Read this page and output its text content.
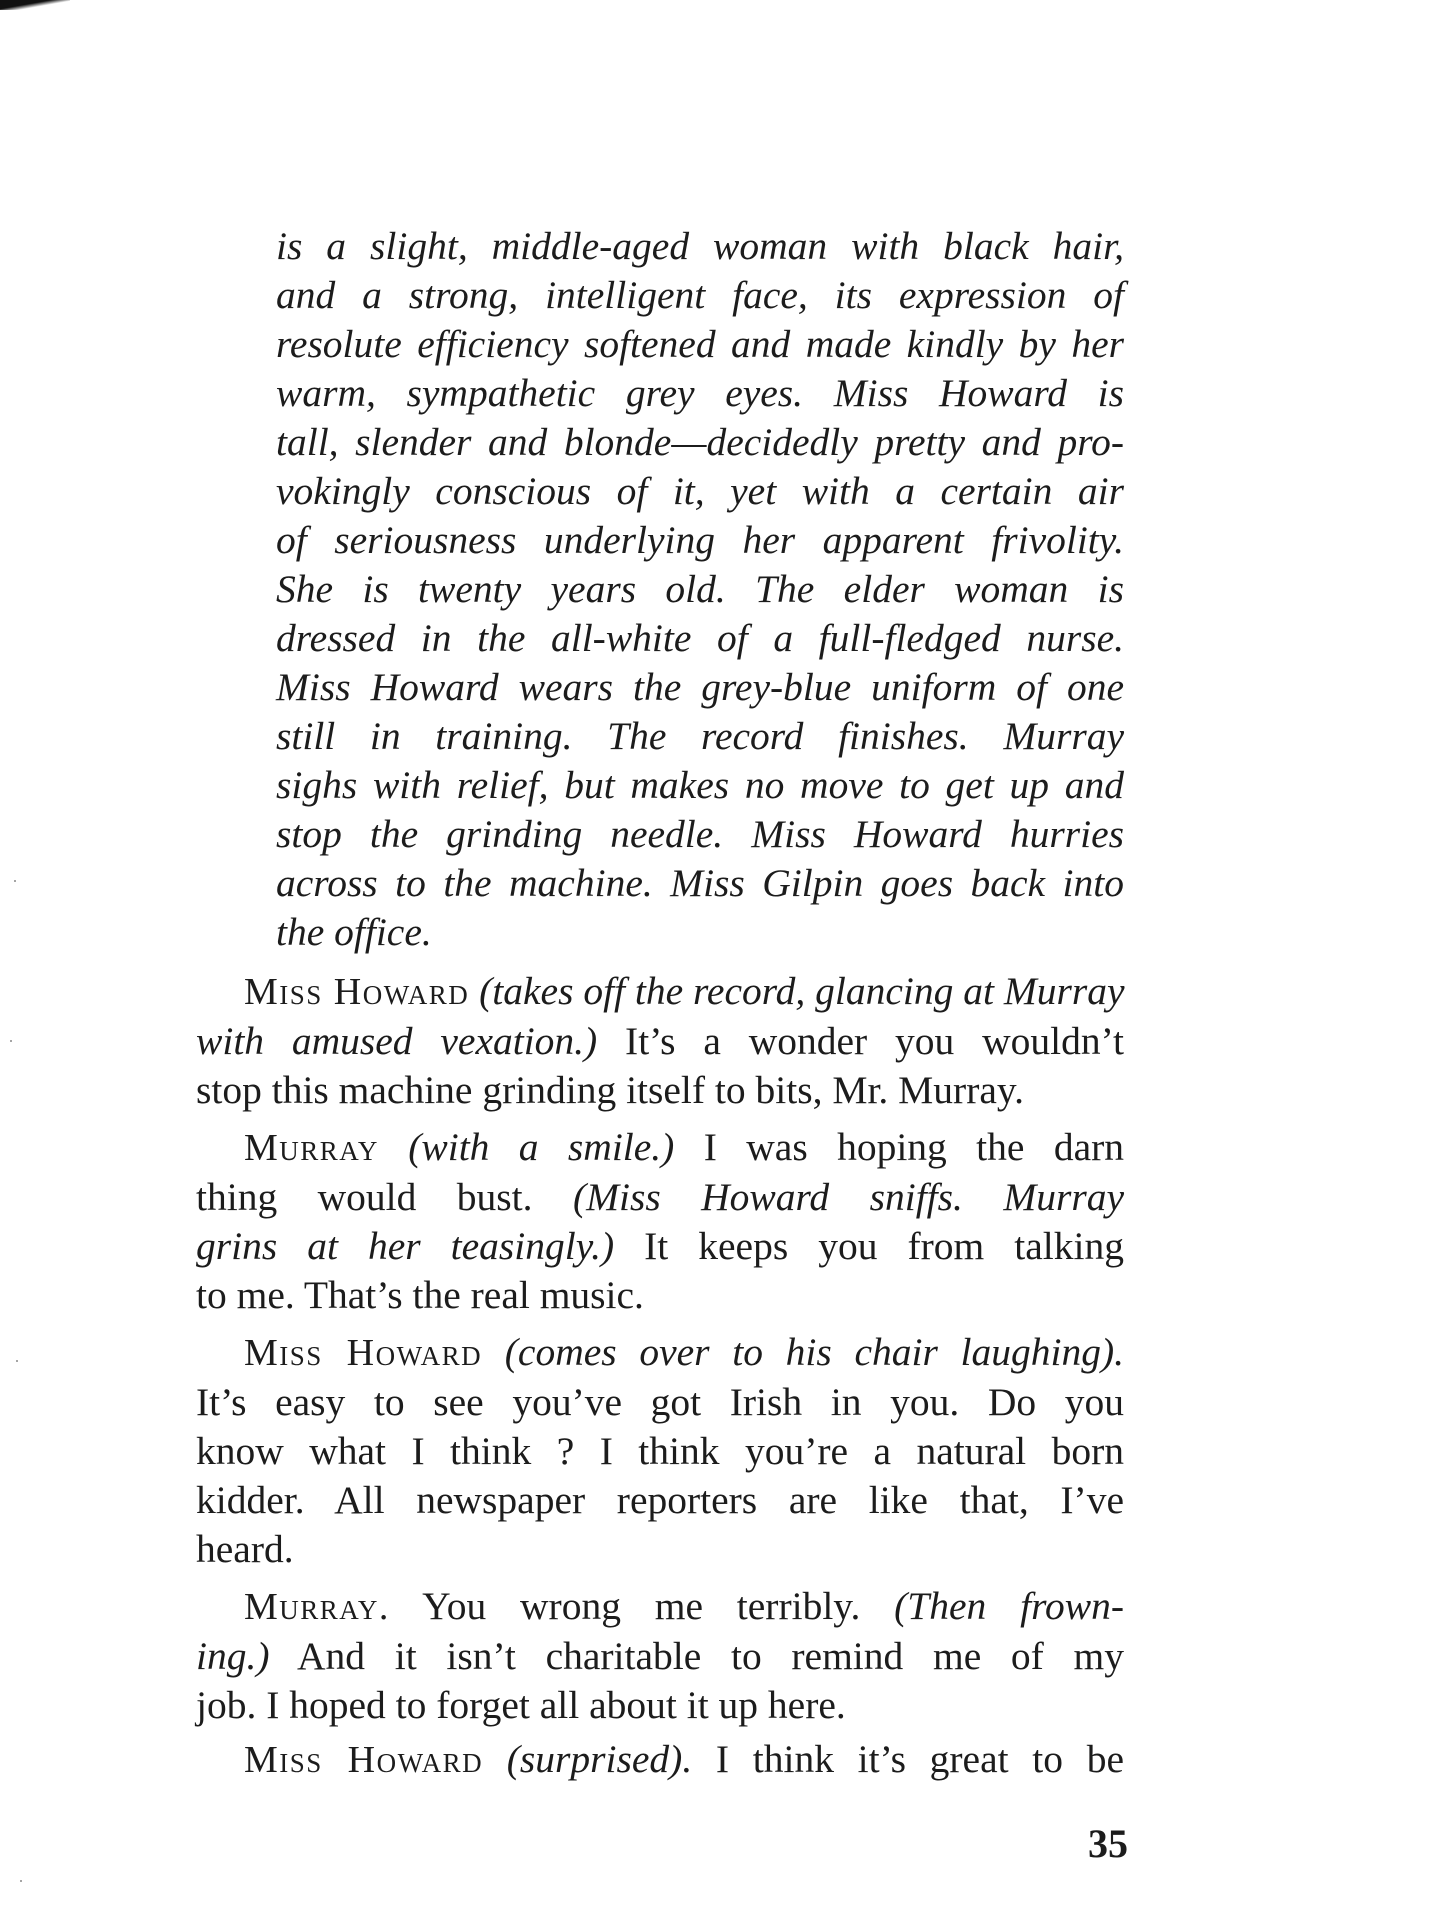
is a slight, middle-aged woman with black hair,
and a strong, intelligent face, its expression of
resolute efficiency softened and made kindly by her
warm, sympathetic grey eyes. Miss Howard is
tall, slender and blonde—decidedly pretty and pro-
vokingly conscious of it, yet with a certain air
of seriousness underlying her apparent frivolity.
She is twenty years old. The elder woman is
dressed in the all-white of a full-fledged nurse.
Miss Howard wears the grey-blue uniform of one
still in training. The record finishes. Murray
sighs with relief, but makes no move to get up and
stop the grinding needle. Miss Howard hurries
across to the machine. Miss Gilpin goes back into
the office.
Miss Howard (takes off the record, glancing at Murray
with amused vexation.) It’s a wonder you wouldn’t
stop this machine grinding itself to bits, Mr. Murray.
Murray (with a smile.) I was hoping the darn
thing would bust. (Miss Howard sniffs. Murray
grins at her teasingly.) It keeps you from talking
to me. That’s the real music.
Miss Howard (comes over to his chair laughing).
It’s easy to see you’ve got Irish in you. Do you
know what I think ? I think you’re a natural born
kidder. All newspaper reporters are like that, I’ve
heard.
Murray. You wrong me terribly. (Then frown-
ing.) And it isn’t charitable to remind me of my
job. I hoped to forget all about it up here.
Miss Howard (surprised). I think it’s great to be
35
